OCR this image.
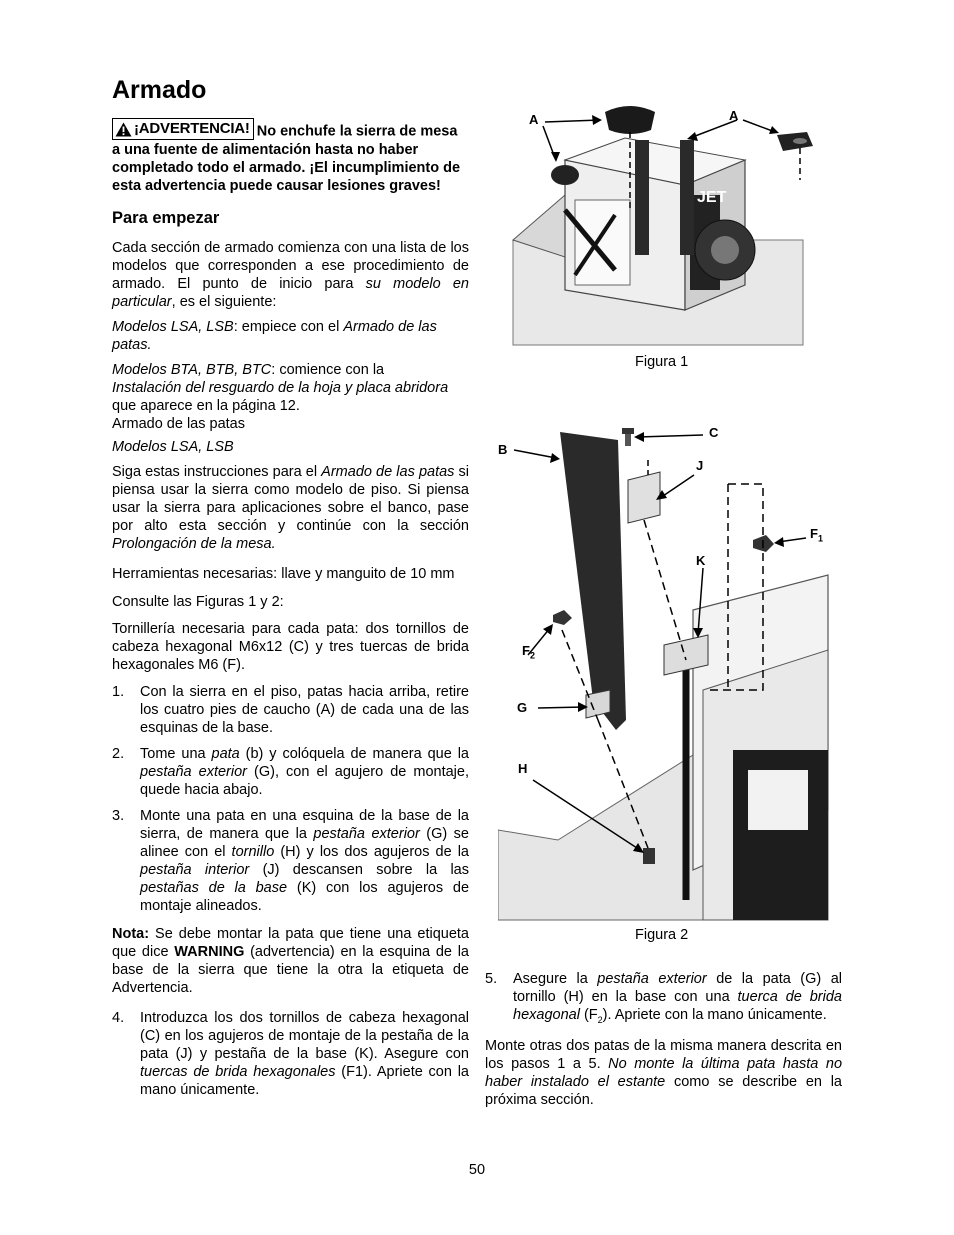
Armado

¡ADVERTENCIA! No enchufe la sierra de mesa a una fuente de alimentación hasta no haber completado todo el armado. ¡El incumplimiento de esta advertencia puede causar lesiones graves!

Para empezar

Cada sección de armado comienza con una lista de los modelos que corresponden a ese procedimiento de armado. El punto de inicio para su modelo en particular, es el siguiente:

Modelos LSA, LSB: empiece con el Armado de las patas.

Modelos BTA, BTB, BTC: comience con la
Instalación del resguardo de la hoja y placa abridora que aparece en la página 12.

Armado de las patas

Modelos LSA, LSB

Siga estas instrucciones para el Armado de las patas si piensa usar la sierra como modelo de piso. Si piensa usar la sierra para aplicaciones sobre el banco, pase por alto esta sección y continúe con la sección Prolongación de la mesa.

Herramientas necesarias: llave y manguito de 10 mm

Consulte las Figuras 1 y 2:

Tornillería necesaria para cada pata: dos tornillos de cabeza hexagonal M6x12 (C) y tres tuercas de brida hexagonales M6 (F).

1. Con la sierra en el piso, patas hacia arriba, retire los cuatro pies de caucho (A) de cada una de las esquinas de la base.
2. Tome una pata (b) y colóquela de manera que la pestaña exterior (G), con el agujero de montaje, quede hacia abajo.
3. Monte una pata en una esquina de la base de la sierra, de manera que la pestaña exterior (G) se alinee con el tornillo (H) y los dos agujeros de la pestaña interior (J) descansen sobre la las pestañas de la base (K) con los agujeros de montaje alineados.

Nota: Se debe montar la pata que tiene una etiqueta que dice WARNING (advertencia) en la esquina de la base de la sierra que tiene la otra la etiqueta de Advertencia.

4. Introduzca los dos tornillos de cabeza hexagonal (C) en los agujeros de montaje de la pestaña de la pata (J) y pestaña de la base (K). Asegure con tuercas de brida hexagonales (F1). Apriete con la mano únicamente.
JET
A	A
Figura 1
B
C
J
$F_1$
K
$F_2$
G
H
Figura 2
5. Asegure la pestaña exterior de la pata (G) al tornillo (H) en la base con una tuerca de brida hexagonal $(F_2)$. Apriete con la mano únicamente.

Monte otras dos patas de la misma manera descrita en los pasos 1 a 5. No monte la última pata hasta no haber instalado el estante como se describe en la próxima sección.

50
